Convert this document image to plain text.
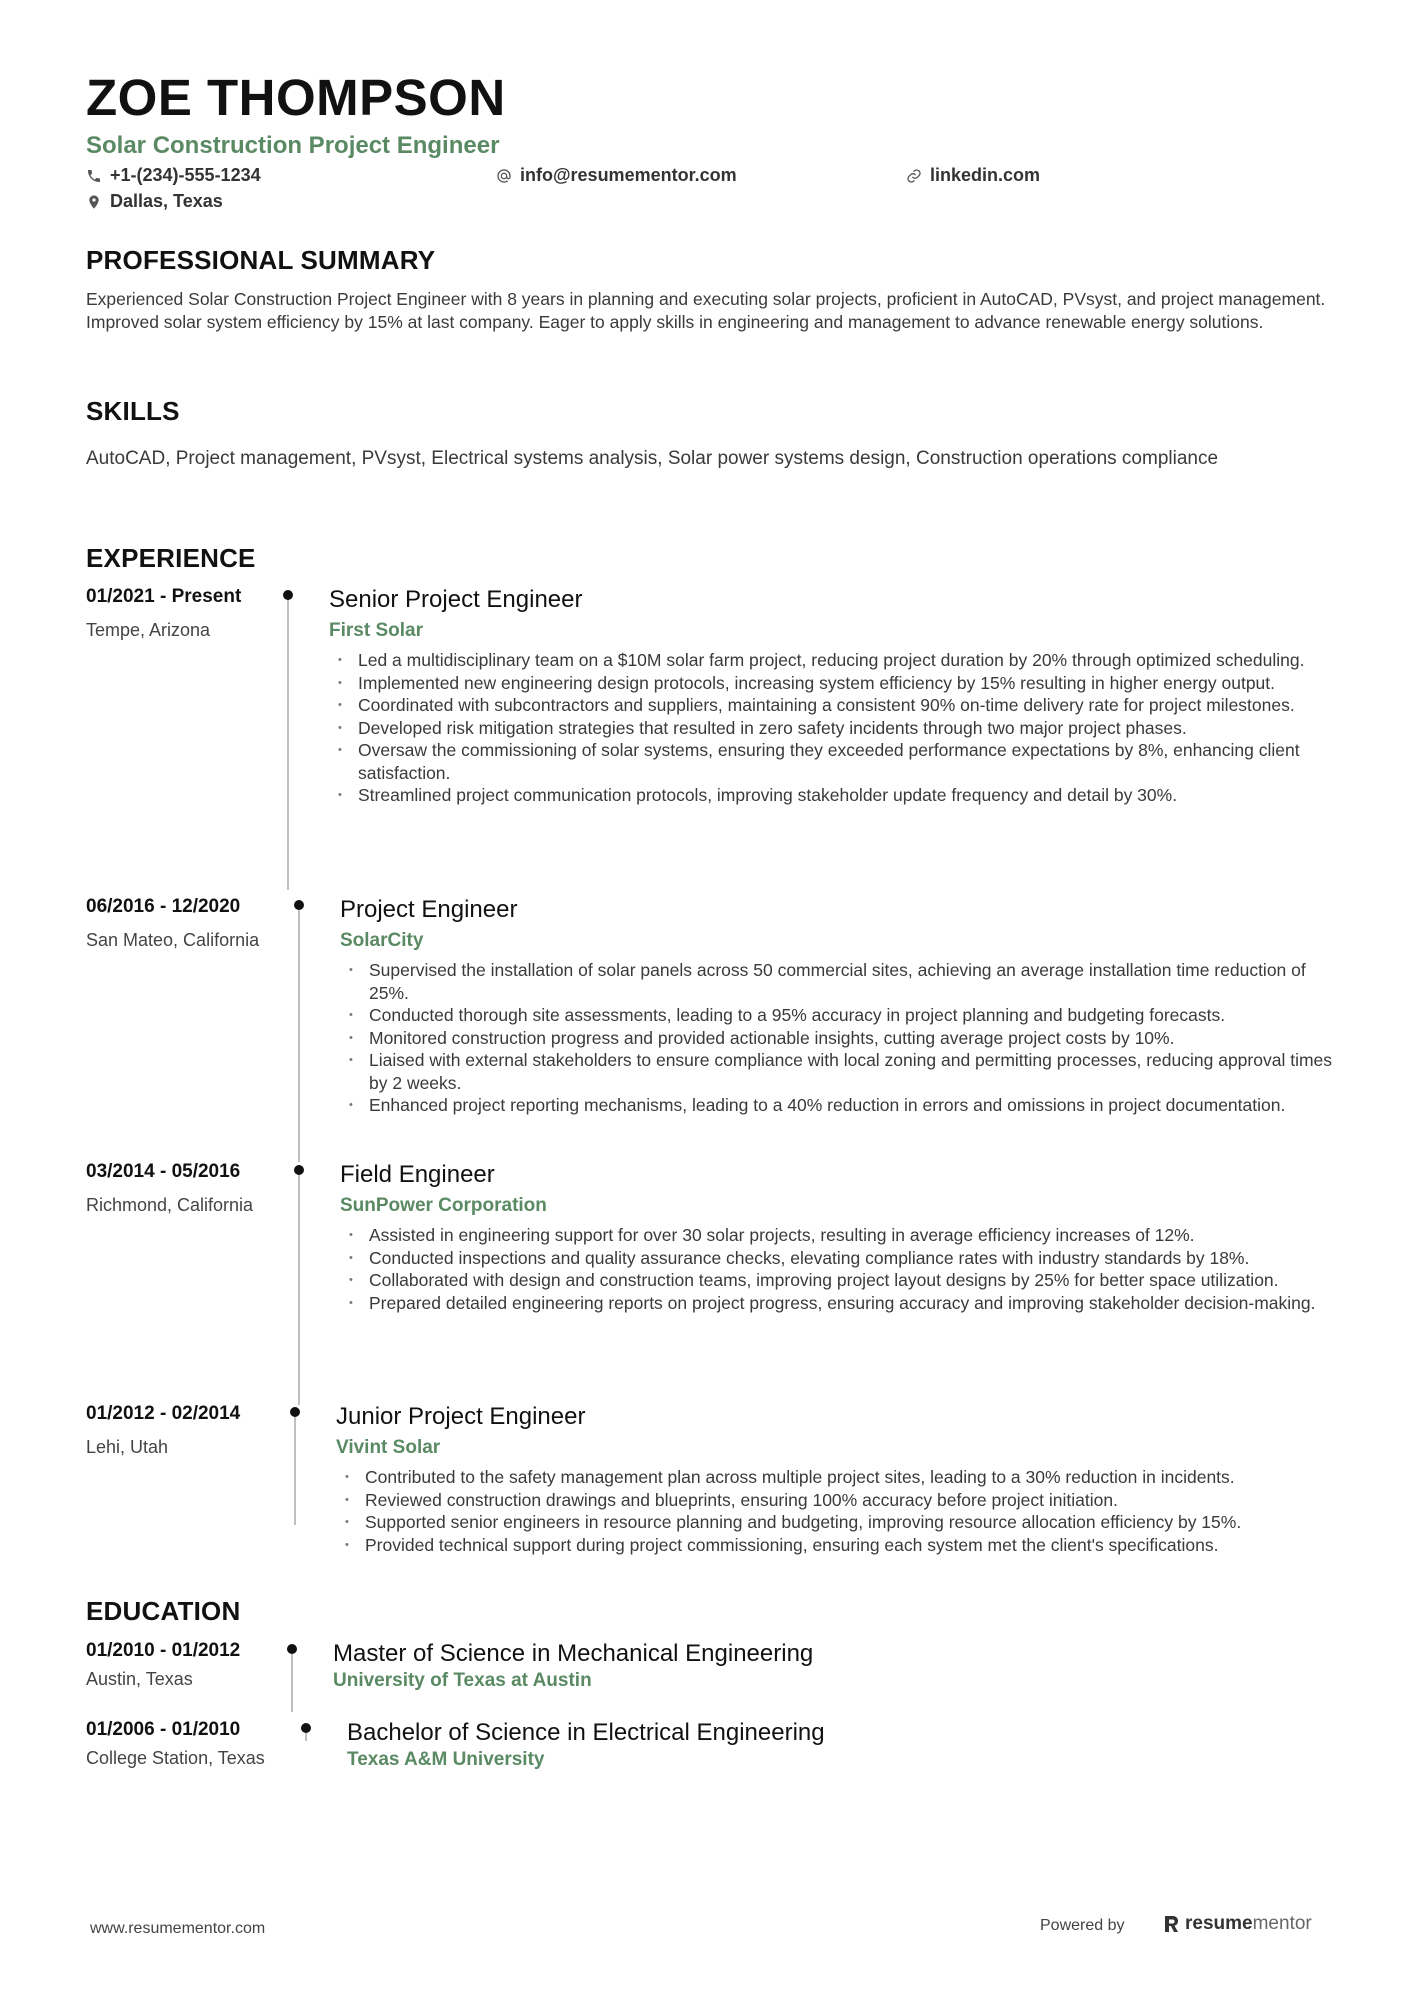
ZOE THOMPSON
Solar Construction Project Engineer
+1-(234)-555-1234	info@resumementor.com	linkedin.com
Dallas, Texas
PROFESSIONAL SUMMARY
Experienced Solar Construction Project Engineer with 8 years in planning and executing solar projects, proficient in AutoCAD, PVsyst, and project management. Improved solar system efficiency by 15% at last company. Eager to apply skills in engineering and management to advance renewable energy solutions.
SKILLS
AutoCAD, Project management, PVsyst, Electrical systems analysis, Solar power systems design, Construction operations compliance
EXPERIENCE
01/2021 - Present
Tempe, Arizona
Senior Project Engineer
First Solar
• Led a multidisciplinary team on a $10M solar farm project, reducing project duration by 20% through optimized scheduling.
• Implemented new engineering design protocols, increasing system efficiency by 15% resulting in higher energy output.
• Coordinated with subcontractors and suppliers, maintaining a consistent 90% on-time delivery rate for project milestones.
• Developed risk mitigation strategies that resulted in zero safety incidents through two major project phases.
• Oversaw the commissioning of solar systems, ensuring they exceeded performance expectations by 8%, enhancing client satisfaction.
• Streamlined project communication protocols, improving stakeholder update frequency and detail by 30%.
06/2016 - 12/2020
San Mateo, California
Project Engineer
SolarCity
• Supervised the installation of solar panels across 50 commercial sites, achieving an average installation time reduction of 25%.
• Conducted thorough site assessments, leading to a 95% accuracy in project planning and budgeting forecasts.
• Monitored construction progress and provided actionable insights, cutting average project costs by 10%.
• Liaised with external stakeholders to ensure compliance with local zoning and permitting processes, reducing approval times by 2 weeks.
• Enhanced project reporting mechanisms, leading to a 40% reduction in errors and omissions in project documentation.
03/2014 - 05/2016
Richmond, California
Field Engineer
SunPower Corporation
• Assisted in engineering support for over 30 solar projects, resulting in average efficiency increases of 12%.
• Conducted inspections and quality assurance checks, elevating compliance rates with industry standards by 18%.
• Collaborated with design and construction teams, improving project layout designs by 25% for better space utilization.
• Prepared detailed engineering reports on project progress, ensuring accuracy and improving stakeholder decision-making.
01/2012 - 02/2014
Lehi, Utah
Junior Project Engineer
Vivint Solar
• Contributed to the safety management plan across multiple project sites, leading to a 30% reduction in incidents.
• Reviewed construction drawings and blueprints, ensuring 100% accuracy before project initiation.
• Supported senior engineers in resource planning and budgeting, improving resource allocation efficiency by 15%.
• Provided technical support during project commissioning, ensuring each system met the client's specifications.
EDUCATION
01/2010 - 01/2012
Austin, Texas
Master of Science in Mechanical Engineering
University of Texas at Austin
01/2006 - 01/2010
College Station, Texas
Bachelor of Science in Electrical Engineering
Texas A&M University
www.resumementor.com	Powered by	resumementor
